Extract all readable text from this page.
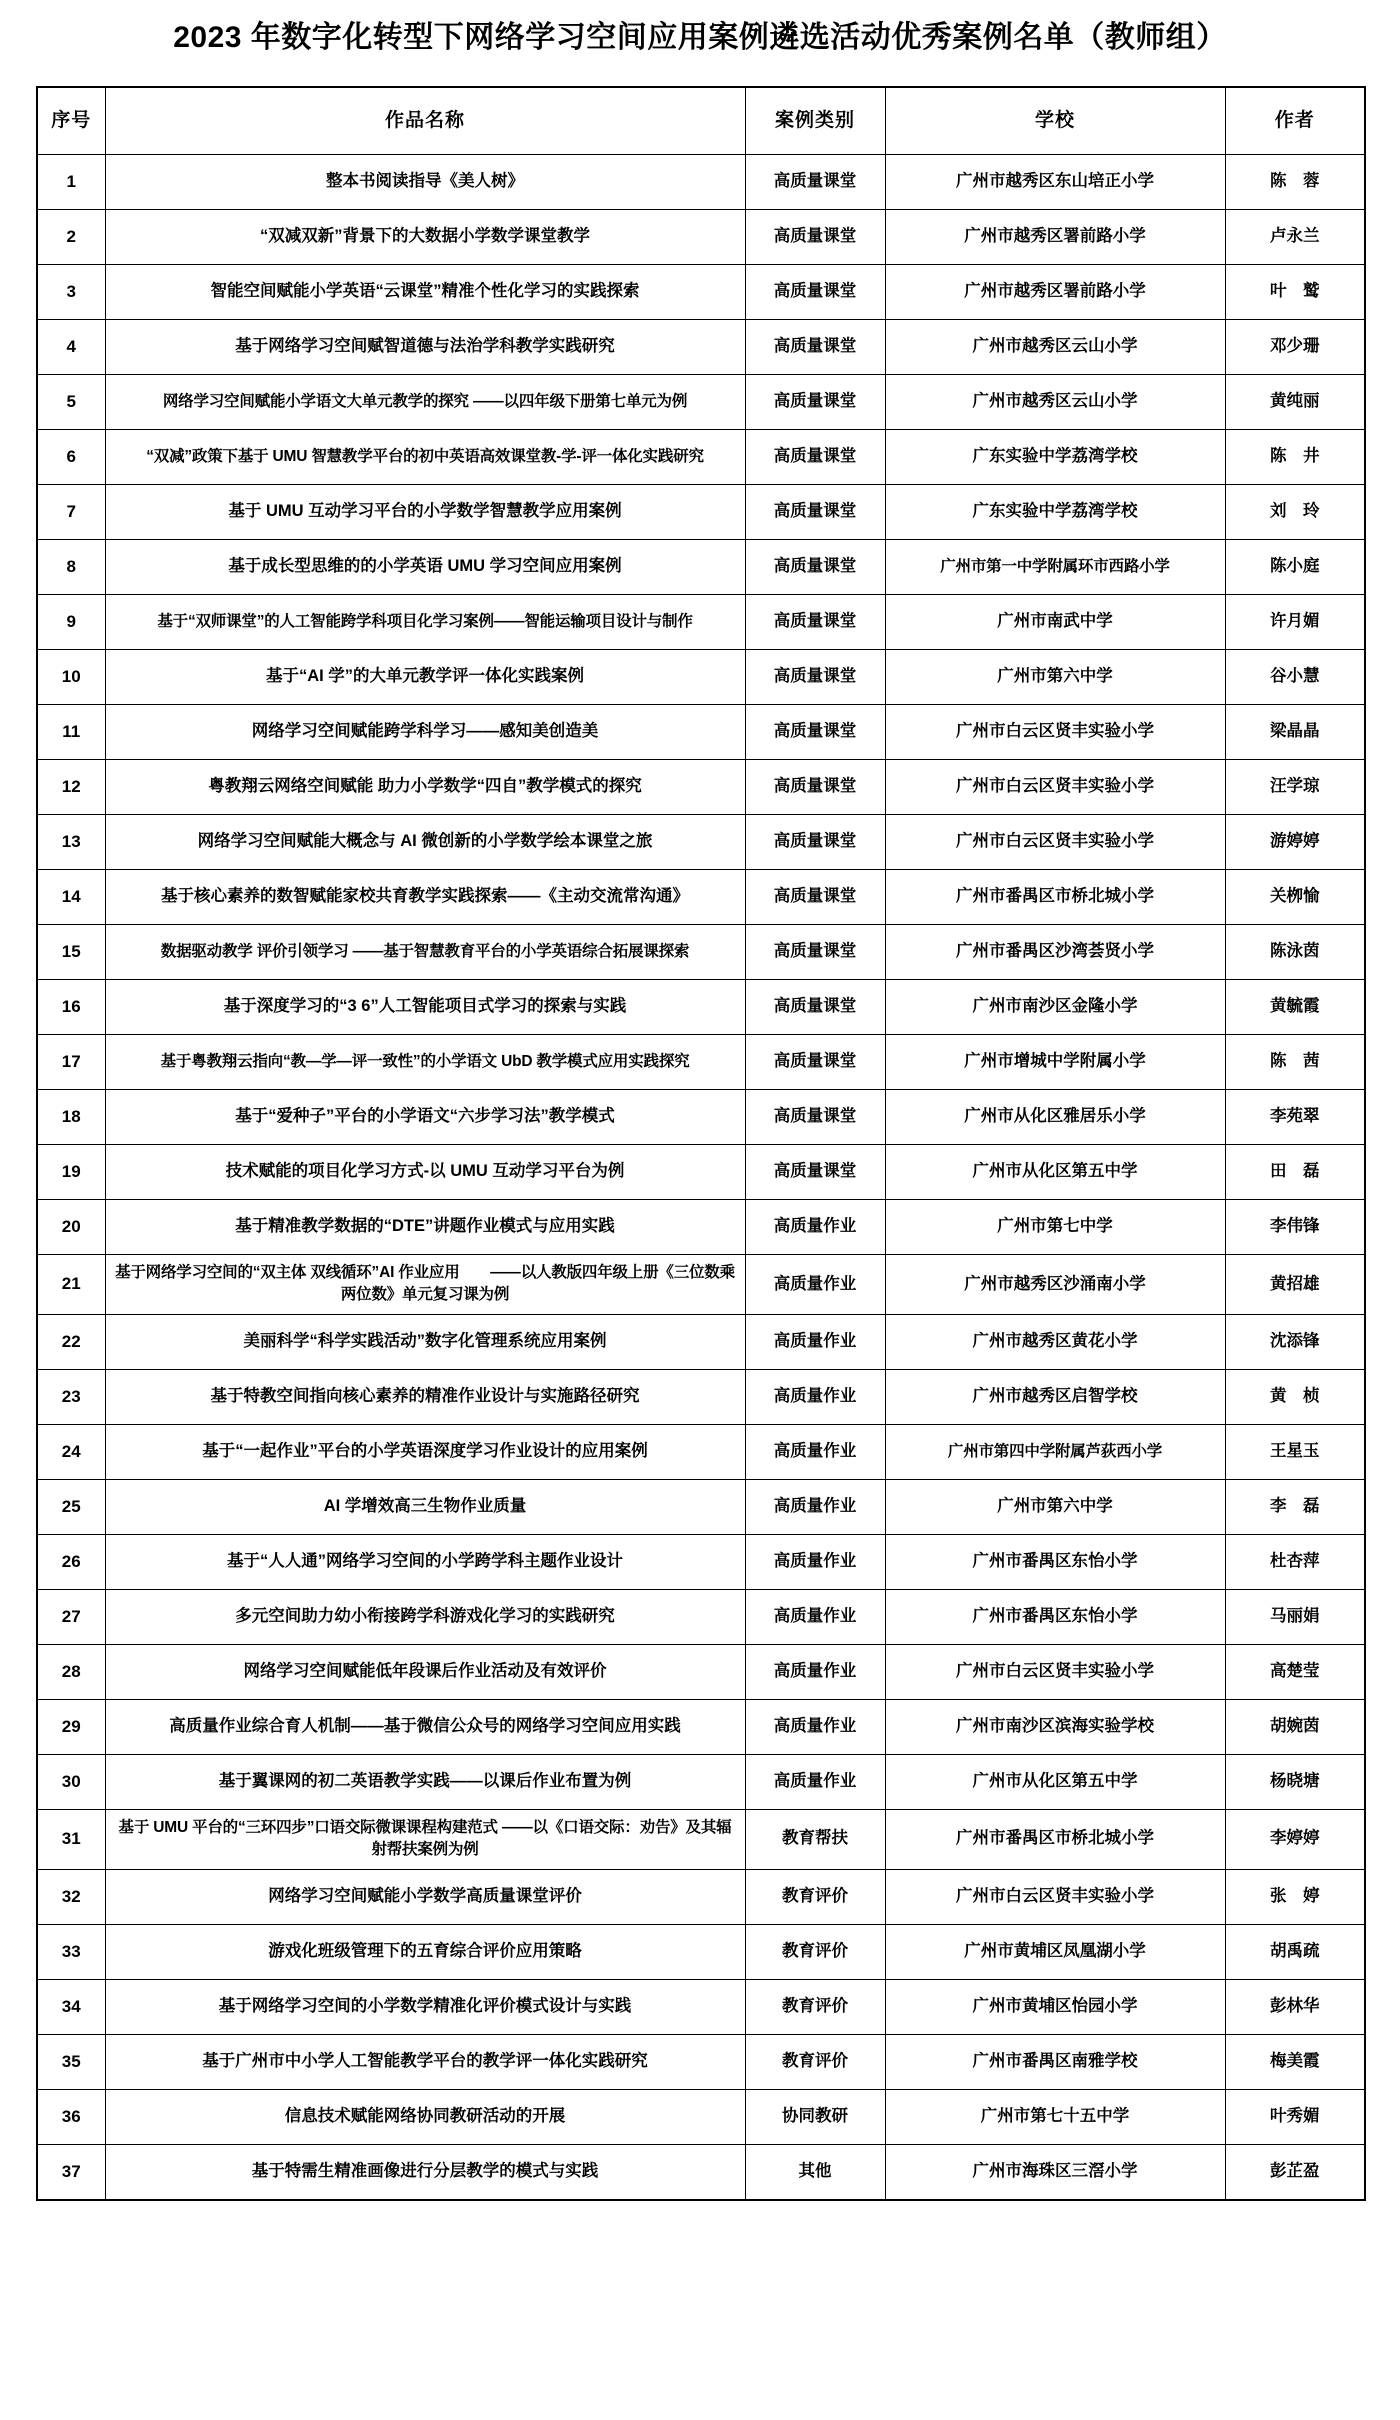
2023 年数字化转型下网络学习空间应用案例遴选活动优秀案例名单（教师组）
序号	作品名称	案例类别	学校	作者
1	整本书阅读指导《美人树》	高质量课堂	广州市越秀区东山培正小学	陈　蓉
2	“双减双新”背景下的大数据小学数学课堂教学	高质量课堂	广州市越秀区署前路小学	卢永兰
3	智能空间赋能小学英语“云课堂”精准个性化学习的实践探索	高质量课堂	广州市越秀区署前路小学	叶　鹫
4	基于网络学习空间赋智道德与法治学科教学实践研究	高质量课堂	广州市越秀区云山小学	邓少珊
5	网络学习空间赋能小学语文大单元教学的探究 ——以四年级下册第七单元为例	高质量课堂	广州市越秀区云山小学	黄纯丽
6	“双减”政策下基于 UMU 智慧教学平台的初中英语高效课堂教-学-评一体化实践研究	高质量课堂	广东实验中学荔湾学校	陈　井
7	基于 UMU 互动学习平台的小学数学智慧教学应用案例	高质量课堂	广东实验中学荔湾学校	刘　玲
8	基于成长型思维的的小学英语 UMU 学习空间应用案例	高质量课堂	广州市第一中学附属环市西路小学	陈小庭
9	基于“双师课堂”的人工智能跨学科项目化学习案例——智能运输项目设计与制作	高质量课堂	广州市南武中学	许月媚
10	基于“AI 学”的大单元教学评一体化实践案例	高质量课堂	广州市第六中学	谷小慧
11	网络学习空间赋能跨学科学习——感知美创造美	高质量课堂	广州市白云区贤丰实验小学	梁晶晶
12	粤教翔云网络空间赋能 助力小学数学“四自”教学模式的探究	高质量课堂	广州市白云区贤丰实验小学	汪学琼
13	网络学习空间赋能大概念与 AI 微创新的小学数学绘本课堂之旅	高质量课堂	广州市白云区贤丰实验小学	游婷婷
14	基于核心素养的数智赋能家校共育教学实践探索——《主动交流常沟通》	高质量课堂	广州市番禺区市桥北城小学	关栁愉
15	数据驱动教学 评价引领学习 ——基于智慧教育平台的小学英语综合拓展课探索	高质量课堂	广州市番禺区沙湾荟贤小学	陈泳茵
16	基于深度学习的“3 6”人工智能项目式学习的探索与实践	高质量课堂	广州市南沙区金隆小学	黄毓霞
17	基于粤教翔云指向“教—学—评一致性”的小学语文 UbD 教学模式应用实践探究	高质量课堂	广州市增城中学附属小学	陈　茜
18	基于“爱种子”平台的小学语文“六步学习法”教学模式	高质量课堂	广州市从化区雅居乐小学	李苑翠
19	技术赋能的项目化学习方式-以 UMU 互动学习平台为例	高质量课堂	广州市从化区第五中学	田　磊
20	基于精准教学数据的“DTE”讲题作业模式与应用实践	高质量作业	广州市第七中学	李伟锋
21	基于网络学习空间的“双主体 双线循环”AI 作业应用　　——以人教版四年级上册《三位数乘两位数》单元复习课为例	高质量作业	广州市越秀区沙涌南小学	黄招雄
22	美丽科学“科学实践活动”数字化管理系统应用案例	高质量作业	广州市越秀区黄花小学	沈添锋
23	基于特教空间指向核心素养的精准作业设计与实施路径研究	高质量作业	广州市越秀区启智学校	黄　桢
24	基于“一起作业”平台的小学英语深度学习作业设计的应用案例	高质量作业	广州市第四中学附属芦荻西小学	王星玉
25	AI 学增效高三生物作业质量	高质量作业	广州市第六中学	李　磊
26	基于“人人通”网络学习空间的小学跨学科主题作业设计	高质量作业	广州市番禺区东怡小学	杜杏萍
27	多元空间助力幼小衔接跨学科游戏化学习的实践研究	高质量作业	广州市番禺区东怡小学	马丽娟
28	网络学习空间赋能低年段课后作业活动及有效评价	高质量作业	广州市白云区贤丰实验小学	高楚莹
29	高质量作业综合育人机制——基于微信公众号的网络学习空间应用实践	高质量作业	广州市南沙区滨海实验学校	胡婉茵
30	基于翼课网的初二英语教学实践——以课后作业布置为例	高质量作业	广州市从化区第五中学	杨晓塘
31	基于 UMU 平台的“三环四步”口语交际微课课程构建范式 ——以《口语交际：劝告》及其辐射帮扶案例为例	教育帮扶	广州市番禺区市桥北城小学	李婷婷
32	网络学习空间赋能小学数学高质量课堂评价	教育评价	广州市白云区贤丰实验小学	张　婷
33	游戏化班级管理下的五育综合评价应用策略	教育评价	广州市黄埔区凤凰湖小学	胡禹疏
34	基于网络学习空间的小学数学精准化评价模式设计与实践	教育评价	广州市黄埔区怡园小学	彭林华
35	基于广州市中小学人工智能教学平台的教学评一体化实践研究	教育评价	广州市番禺区南雅学校	梅美霞
36	信息技术赋能网络协同教研活动的开展	协同教研	广州市第七十五中学	叶秀媚
37	基于特需生精准画像进行分层教学的模式与实践	其他	广州市海珠区三滘小学	彭芷盈
